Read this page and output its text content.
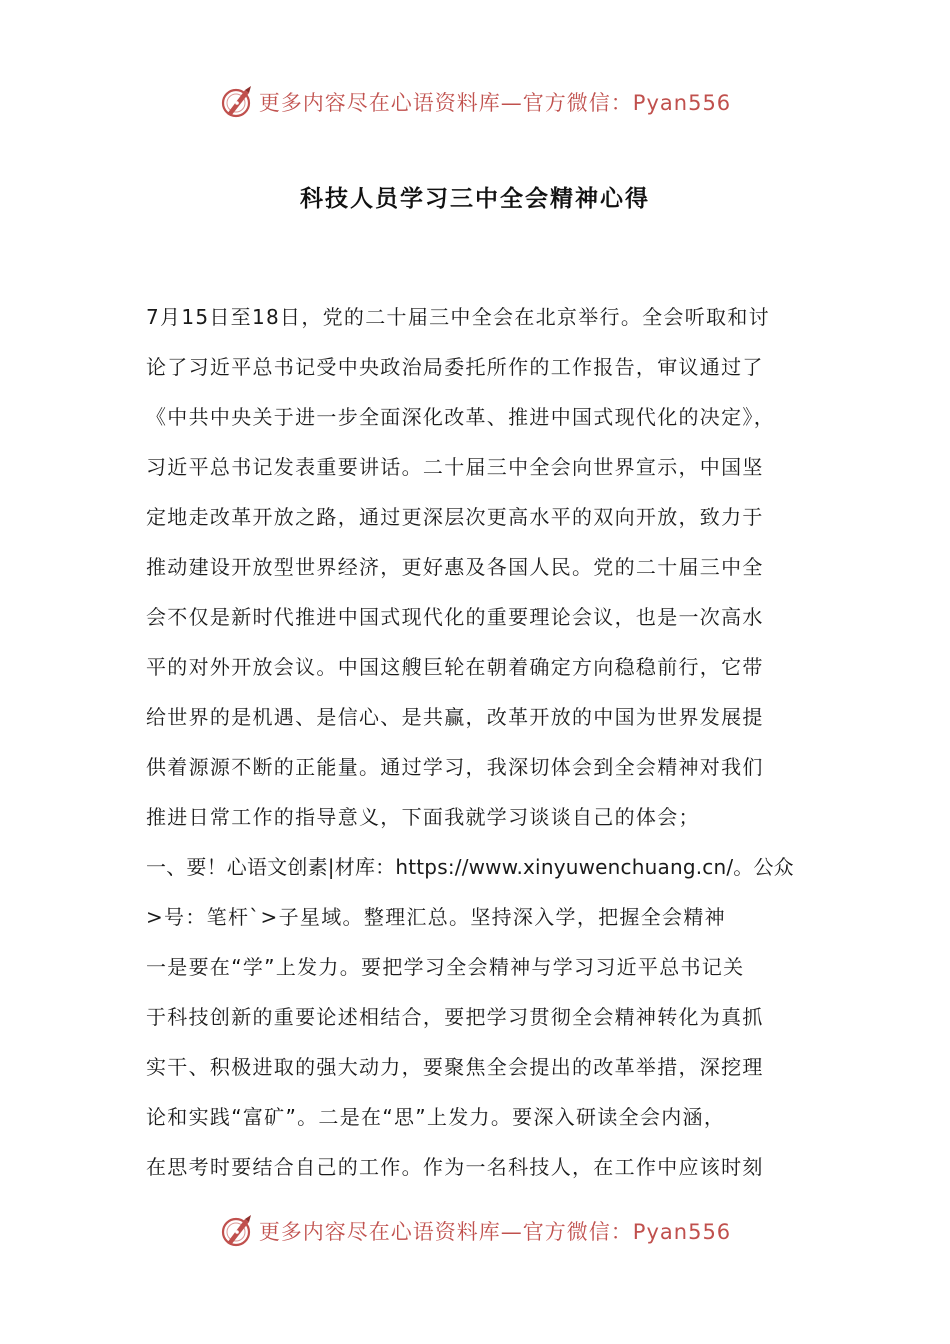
更多内容尽在心语资料库—官方微信：Pyan556
科技人员学习三中全会精神心得
7月15日至18日，党的二十届三中全会在北京举行。全会听取和讨
论了习近平总书记受中央政治局委托所作的工作报告，审议通过了
《中共中央关于进一步全面深化改革、推进中国式现代化的决定》，
习近平总书记发表重要讲话。二十届三中全会向世界宣示，中国坚
定地走改革开放之路，通过更深层次更高水平的双向开放，致力于
推动建设开放型世界经济，更好惠及各国人民。党的二十届三中全
会不仅是新时代推进中国式现代化的重要理论会议，也是一次高水
平的对外开放会议。中国这艘巨轮在朝着确定方向稳稳前行，它带
给世界的是机遇、是信心、是共赢，改革开放的中国为世界发展提
供着源源不断的正能量。通过学习，我深切体会到全会精神对我们
推进日常工作的指导意义，下面我就学习谈谈自己的体会；
一、要！心语文创素|材库：https://www.xinyuwenchuang.cn/。公众
>号：笔杆`>子星域。整理汇总。坚持深入学，把握全会精神
一是要在“学”上发力。要把学习全会精神与学习习近平总书记关
于科技创新的重要论述相结合，要把学习贯彻全会精神转化为真抓
实干、积极进取的强大动力，要聚焦全会提出的改革举措，深挖理
论和实践“富矿”。二是在“思”上发力。要深入研读全会内涵，
在思考时要结合自己的工作。作为一名科技人，在工作中应该时刻
更多内容尽在心语资料库—官方微信：Pyan556
